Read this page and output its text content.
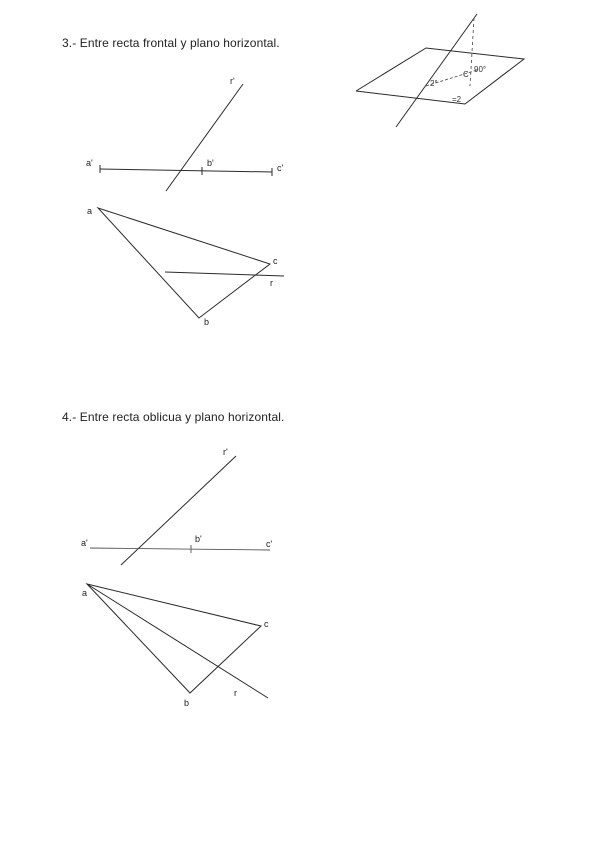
3.- Entre recta frontal y plano horizontal.
4.- Entre recta oblicua y plano horizontal.
r'
a'	b'	c'
a
b
c
r
2°
C
90°
=2
r'
a'	b'	c'
a
b
c
r
